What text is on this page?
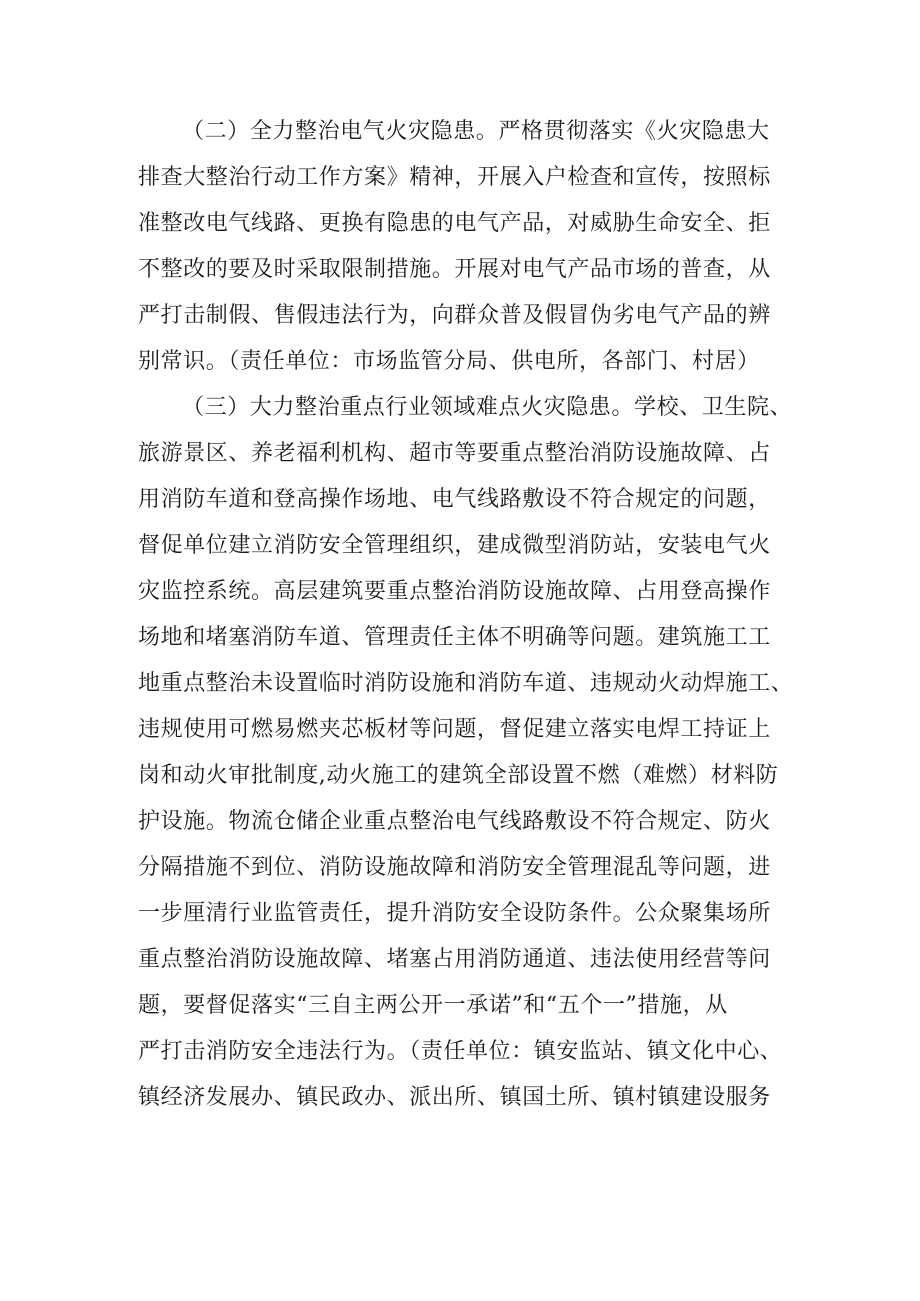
（二）全力整治电气火灾隐患。严格贯彻落实《火灾隐患大
排查大整治行动工作方案》精神，开展入户检查和宣传，按照标
准整改电气线路、更换有隐患的电气产品，对威胁生命安全、拒
不整改的要及时采取限制措施。开展对电气产品市场的普查，从
严打击制假、售假违法行为，向群众普及假冒伪劣电气产品的辨
别常识。（责任单位：市场监管分局、供电所，各部门、村居）
（三）大力整治重点行业领域难点火灾隐患。学校、卫生院、
旅游景区、养老福利机构、超市等要重点整治消防设施故障、占
用消防车道和登高操作场地、电气线路敷设不符合规定的问题，
督促单位建立消防安全管理组织，建成微型消防站，安装电气火
灾监控系统。高层建筑要重点整治消防设施故障、占用登高操作
场地和堵塞消防车道、管理责任主体不明确等问题。建筑施工工
地重点整治未设置临时消防设施和消防车道、违规动火动焊施工、
违规使用可燃易燃夹芯板材等问题，督促建立落实电焊工持证上
岗和动火审批制度,动火施工的建筑全部设置不燃（难燃）材料防
护设施。物流仓储企业重点整治电气线路敷设不符合规定、防火
分隔措施不到位、消防设施故障和消防安全管理混乱等问题，进
一步厘清行业监管责任，提升消防安全设防条件。公众聚集场所
重点整治消防设施故障、堵塞占用消防通道、违法使用经营等问
题，要督促落实“三自主两公开一承诺”和“五个一”措施，从
严打击消防安全违法行为。（责任单位：镇安监站、镇文化中心、
镇经济发展办、镇民政办、派出所、镇国土所、镇村镇建设服务
